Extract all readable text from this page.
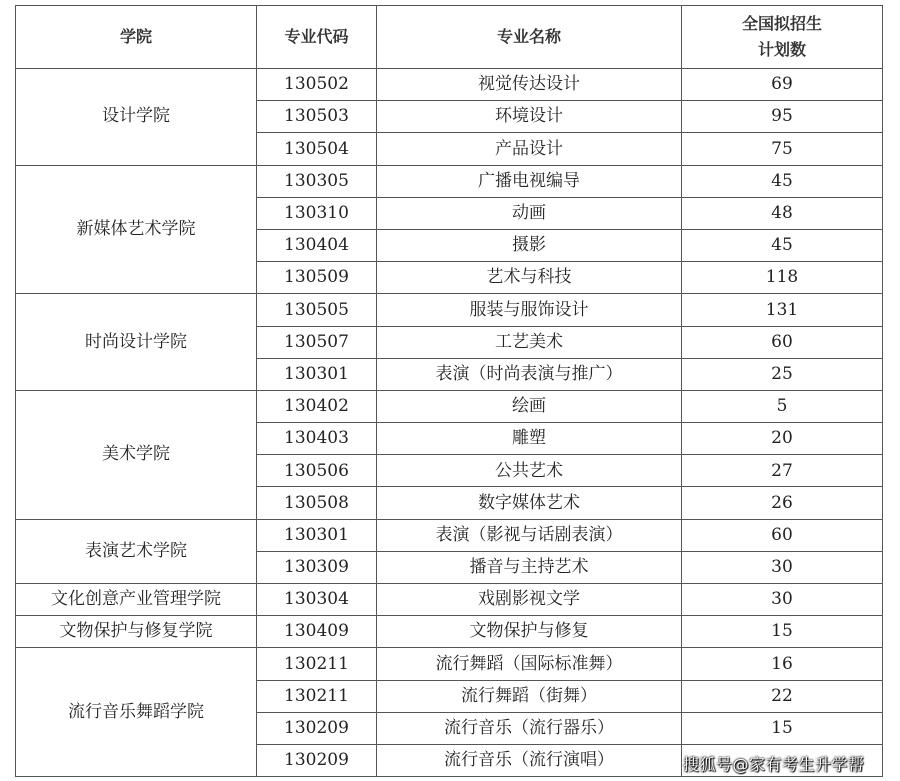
学院	专业代码	专业名称	全国拟招生
计划数

设计学院	130502	视觉传达设计	69
	130503	环境设计	95
	130504	产品设计	75
新媒体艺术学院	130305	广播电视编导	45
	130310	动画	48
	130404	摄影	45
	130509	艺术与科技	118
时尚设计学院	130505	服装与服饰设计	131
	130507	工艺美术	60
	130301	表演（时尚表演与推广）	25
美术学院	130402	绘画	5
	130403	雕塑	20
	130506	公共艺术	27
	130508	数字媒体艺术	26
表演艺术学院	130301	表演（影视与话剧表演）	60
	130309	播音与主持艺术	30
文化创意产业管理学院	130304	戏剧影视文学	30
文物保护与修复学院	130409	文物保护与修复	15
流行音乐舞蹈学院	130211	流行舞蹈（国际标准舞）	16
	130211	流行舞蹈（街舞）	22
	130209	流行音乐（流行器乐）	15
	130209	流行音乐（流行演唱）		搜狐号@家有考生升学帮
